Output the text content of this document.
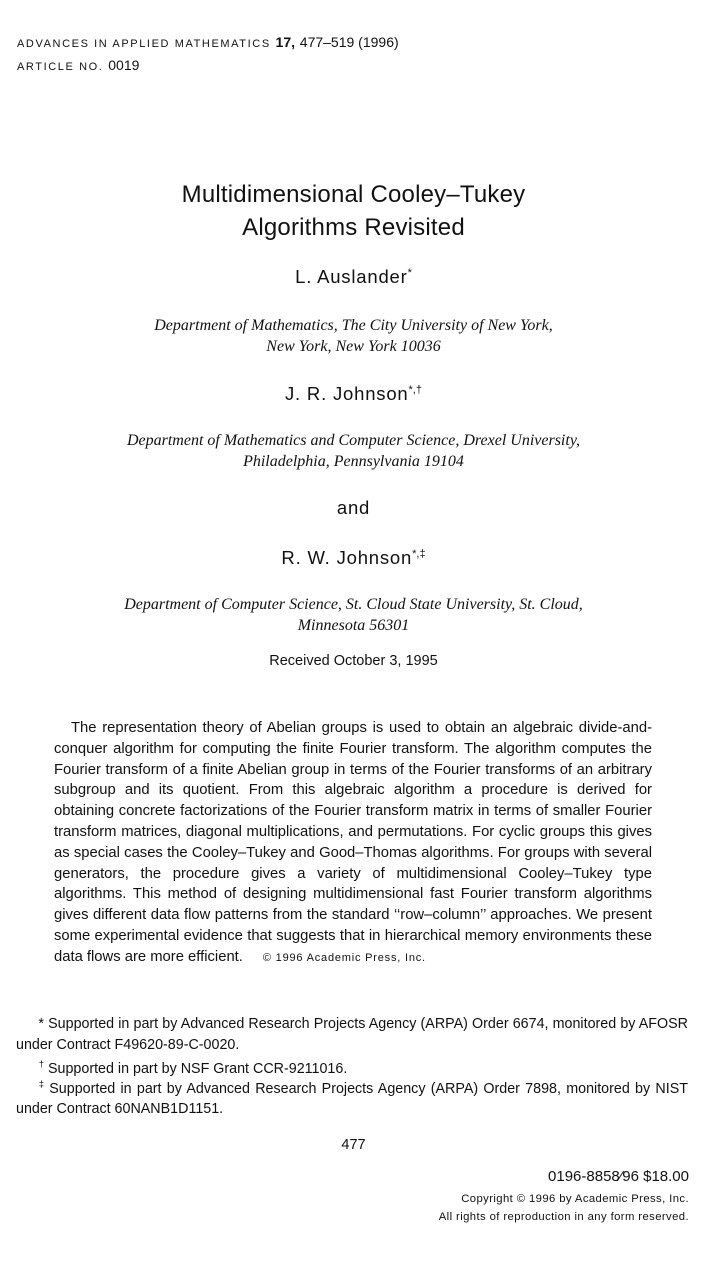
ADVANCES IN APPLIED MATHEMATICS 17, 477–519 (1996)
ARTICLE NO. 0019
Multidimensional Cooley–Tukey
Algorithms Revisited
L. Auslander*
Department of Mathematics, The City University of New York,
New York, New York 10036
J. R. Johnson*,†
Department of Mathematics and Computer Science, Drexel University,
Philadelphia, Pennsylvania 19104
and
R. W. Johnson*,‡
Department of Computer Science, St. Cloud State University, St. Cloud,
Minnesota 56301
Received October 3, 1995
The representation theory of Abelian groups is used to obtain an algebraic divide-and-conquer algorithm for computing the finite Fourier transform. The algorithm computes the Fourier transform of a finite Abelian group in terms of the Fourier transforms of an arbitrary subgroup and its quotient. From this algebraic algorithm a procedure is derived for obtaining concrete factorizations of the Fourier transform matrix in terms of smaller Fourier transform matrices, diagonal multiplications, and permutations. For cyclic groups this gives as special cases the Cooley–Tukey and Good–Thomas algorithms. For groups with several generators, the procedure gives a variety of multidimensional Cooley–Tukey type algorithms. This method of designing multidimensional fast Fourier transform algorithms gives different data flow patterns from the standard ‘‘row–column’’ approaches. We present some experimental evidence that suggests that in hierarchical memory environments these data flows are more efficient. © 1996 Academic Press, Inc.
* Supported in part by Advanced Research Projects Agency (ARPA) Order 6674, monitored by AFOSR under Contract F49620-89-C-0020.
† Supported in part by NSF Grant CCR-9211016.
‡ Supported in part by Advanced Research Projects Agency (ARPA) Order 7898, monitored by NIST under Contract 60NANB1D1151.
477
0196-8858⁄96 $18.00
Copyright © 1996 by Academic Press, Inc.
All rights of reproduction in any form reserved.
